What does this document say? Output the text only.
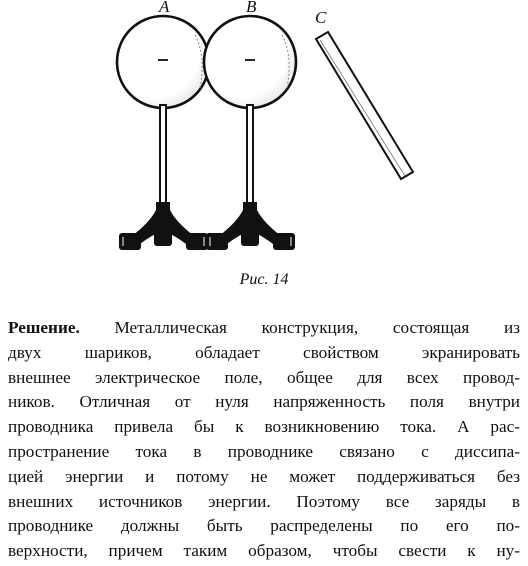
A	B
C
Рис. 14
Решение. Металлическая конструкция, состоящая из
двух шариков, обладает свойством экранировать
внешнее электрическое поле, общее для всех провод-
ников. Отличная от нуля напряженность поля внутри
проводника привела бы к возникновению тока. А рас-
пространение тока в проводнике связано с диссипа-
цией энергии и потому не может поддерживаться без
внешних источников энергии. Поэтому все заряды в
проводнике должны быть распределены по его по-
верхности, причем таким образом, чтобы свести к ну-
